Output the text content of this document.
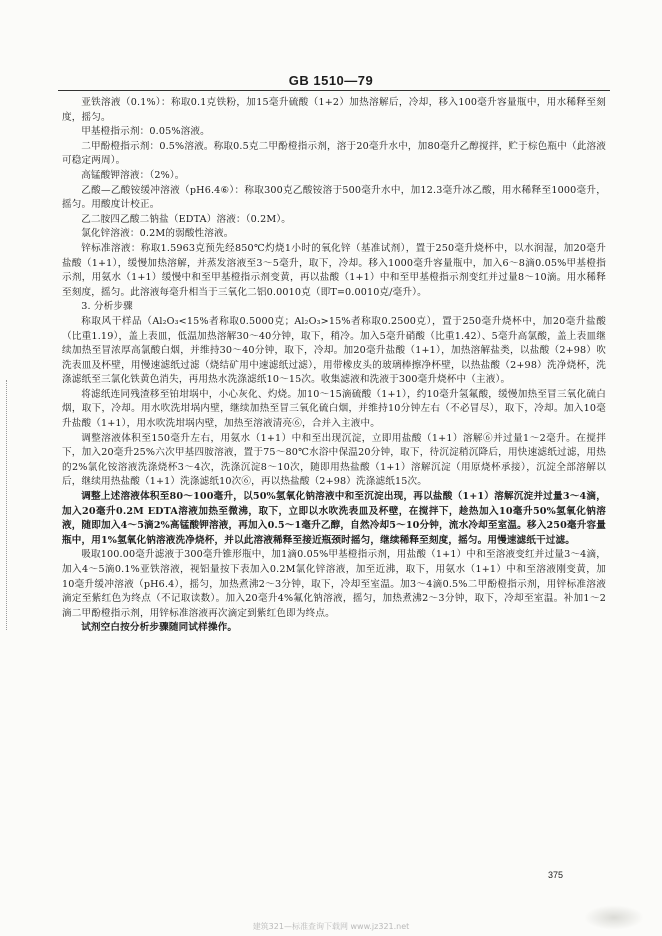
GB 1510—79

亚铁溶液（0.1%）：称取0.1克铁粉，加15毫升硫酸（1+2）加热溶解后，冷却，移入100毫升容量瓶中，用水稀释至刻度，摇匀。

甲基橙指示剂：0.05%溶液。

二甲酚橙指示剂：0.5%溶液。称取0.5克二甲酚橙指示剂，溶于20毫升水中，加80毫升乙醇搅拌，贮于棕色瓶中（此溶液可稳定两周）。

高锰酸钾溶液：（2%）。

乙酸—乙酸铵缓冲溶液（pH6.4⑥）：称取300克乙酸铵溶于500毫升水中，加12.3毫升冰乙酸，用水稀释至1000毫升，摇匀。用酸度计校正。

乙二胺四乙酸二钠盐（EDTA）溶液：（0.2M）。

氯化锌溶液：0.2M的弱酸性溶液。

锌标准溶液：称取1.5963克预先经850℃灼烧1小时的氧化锌（基准试剂），置于250毫升烧杯中，以水润湿，加20毫升盐酸（1+1），缓慢加热溶解，并蒸发溶液至3～5毫升，取下，冷却。移入1000毫升容量瓶中，加入6～8滴0.05%甲基橙指示剂，用氨水（1+1）缓慢中和至甲基橙指示剂变黄，再以盐酸（1+1）中和至甲基橙指示剂变红并过量8～10滴。用水稀释至刻度，摇匀。此溶液每毫升相当于三氧化二铝0.0010克（即T=0.0010克/毫升）。

3. 分析步骤

称取风干样品（Al₂O₃<15%者称取0.5000克；Al₂O₃>15%者称取0.2500克），置于250毫升烧杯中，加20毫升盐酸（比重1.19），盖上表皿，低温加热溶解30～40分钟，取下，稍冷。加入5毫升硝酸（比重1.42）、5毫升高氯酸，盖上表皿继续加热至冒浓厚高氯酸白烟，并维持30～40分钟，取下，冷却。加20毫升盐酸（1+1），加热溶解盐类，以盐酸（2+98）吹洗表皿及杯壁，用慢速滤纸过滤（烧结矿用中速滤纸过滤），用带橡皮头的玻璃棒擦净杯壁，以热盐酸（2+98）洗净烧杯，洗涤滤纸至三氯化铁黄色消失，再用热水洗涤滤纸10～15次。收集滤液和洗液于300毫升烧杯中（主液）。

将滤纸连同残渣移至铂坩埚中，小心灰化、灼烧。加10～15滴硫酸（1+1），约10毫升氢氟酸，缓慢加热至冒三氧化硫白烟，取下，冷却。用水吹洗坩埚内壁，继续加热至冒三氧化硫白烟，并维持10分钟左右（不必冒尽），取下，冷却。加入10毫升盐酸（1+1），用水吹洗坩埚内壁，加热至溶液清亮⑥，合并入主液中。

调整溶液体积至150毫升左右，用氨水（1+1）中和至出现沉淀，立即用盐酸（1+1）溶解⑥并过量1～2毫升。在搅拌下，加入20毫升25%六次甲基四胺溶液，置于75～80℃水浴中保温20分钟，取下，待沉淀稍沉降后，用快速滤纸过滤，用热的2%氯化铵溶液洗涤烧杯3～4次，洗涤沉淀8～10次，随即用热盐酸（1+1）溶解沉淀（用原烧杯承接），沉淀全部溶解以后，继续用热盐酸（1+1）洗涤滤纸10次⑥，再以热盐酸（2+98）洗涤滤纸15次。

调整上述溶液体积至80～100毫升，以50%氢氧化钠溶液中和至沉淀出现，再以盐酸（1+1）溶解沉淀并过量3～4滴，加入20毫升0.2M EDTA溶液加热至微沸，取下，立即以水吹洗表皿及杯壁，在搅拌下，趁热加入10毫升50%氢氧化钠溶液，随即加入4～5滴2%高锰酸钾溶液，再加入0.5～1毫升乙醇，自然冷却5～10分钟，流水冷却至室温。移入250毫升容量瓶中，用1%氢氧化钠溶液洗净烧杯，并以此溶液稀释至接近瓶颈时摇匀，继续稀释至刻度，摇匀。用慢速滤纸干过滤。

吸取100.00毫升滤液于300毫升锥形瓶中，加1滴0.05%甲基橙指示剂，用盐酸（1+1）中和至溶液变红并过量3～4滴，加入4～5滴0.1%亚铁溶液，视铝量按下表加入0.2M氯化锌溶液，加至近沸，取下，用氨水（1+1）中和至溶液刚变黄，加10毫升缓冲溶液（pH6.4），摇匀，加热煮沸2～3分钟，取下，冷却至室温。加3～4滴0.5%二甲酚橙指示剂，用锌标准溶液滴定至紫红色为终点（不记取读数）。加入20毫升4%氟化钠溶液，摇匀，加热煮沸2～3分钟，取下，冷却至室温。补加1～2滴二甲酚橙指示剂，用锌标准溶液再次滴定到紫红色即为终点。

试剂空白按分析步骤随同试样操作。

375
建筑321—标准查询下载网 www.jz321.net
